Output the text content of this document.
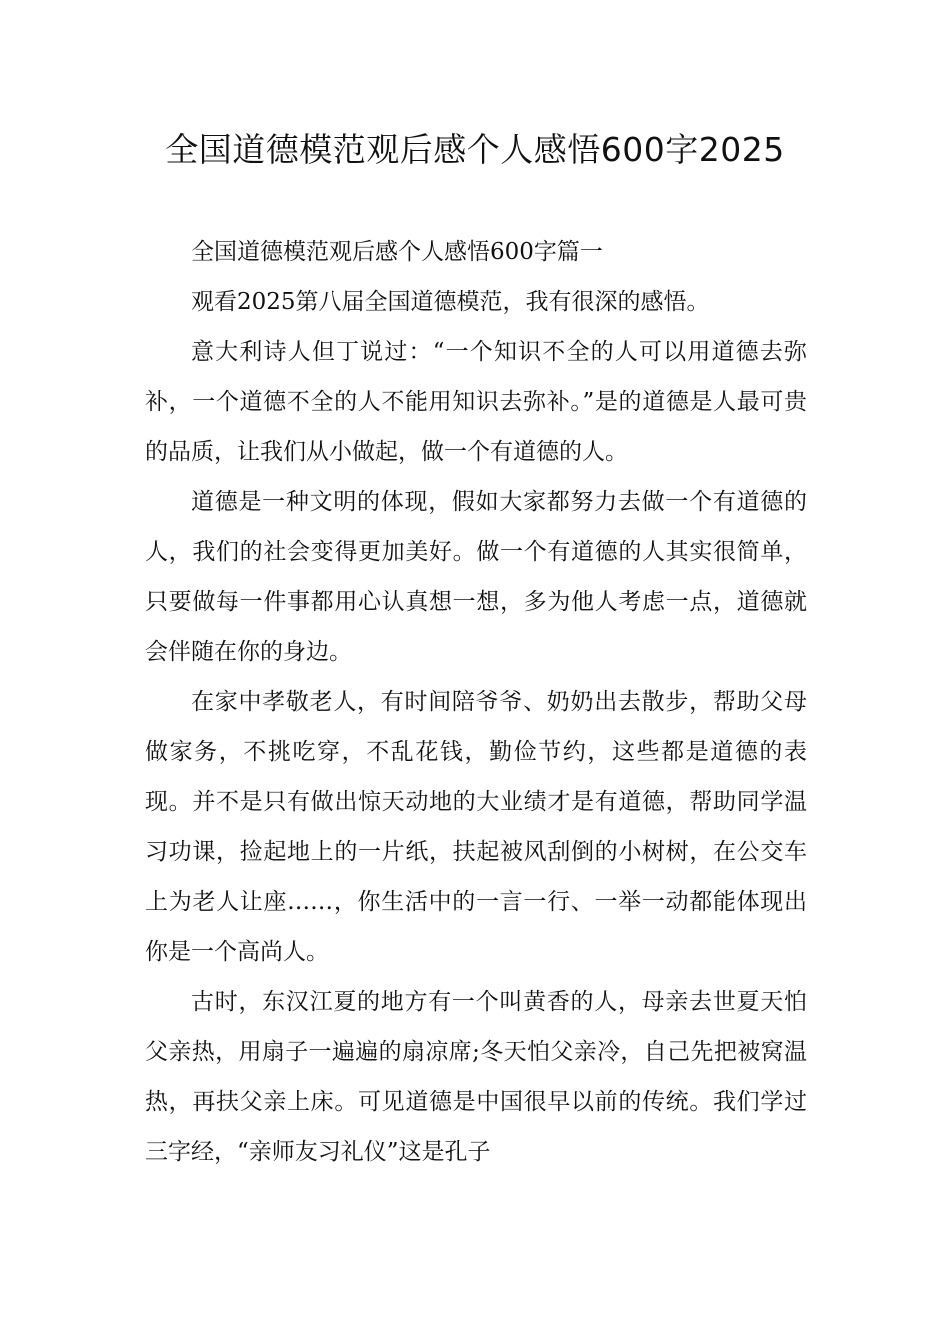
全国道德模范观后感个人感悟600字2025

全国道德模范观后感个人感悟600字篇一

观看2025第八届全国道德模范，我有很深的感悟。

意大利诗人但丁说过：“一个知识不全的人可以用道德去弥补，一个道德不全的人不能用知识去弥补。”是的道德是人最可贵的品质，让我们从小做起，做一个有道德的人。

道德是一种文明的体现，假如大家都努力去做一个有道德的人，我们的社会变得更加美好。做一个有道德的人其实很简单，只要做每一件事都用心认真想一想，多为他人考虑一点，道德就会伴随在你的身边。

在家中孝敬老人，有时间陪爷爷、奶奶出去散步，帮助父母做家务，不挑吃穿，不乱花钱，勤俭节约，这些都是道德的表现。并不是只有做出惊天动地的大业绩才是有道德，帮助同学温习功课，捡起地上的一片纸，扶起被风刮倒的小树树，在公交车上为老人让座……，你生活中的一言一行、一举一动都能体现出你是一个高尚人。

古时，东汉江夏的地方有一个叫黄香的人，母亲去世夏天怕父亲热，用扇子一遍遍的扇凉席;冬天怕父亲冷，自己先把被窝温热，再扶父亲上床。可见道德是中国很早以前的传统。我们学过三字经，“亲师友习礼仪”这是孔子
